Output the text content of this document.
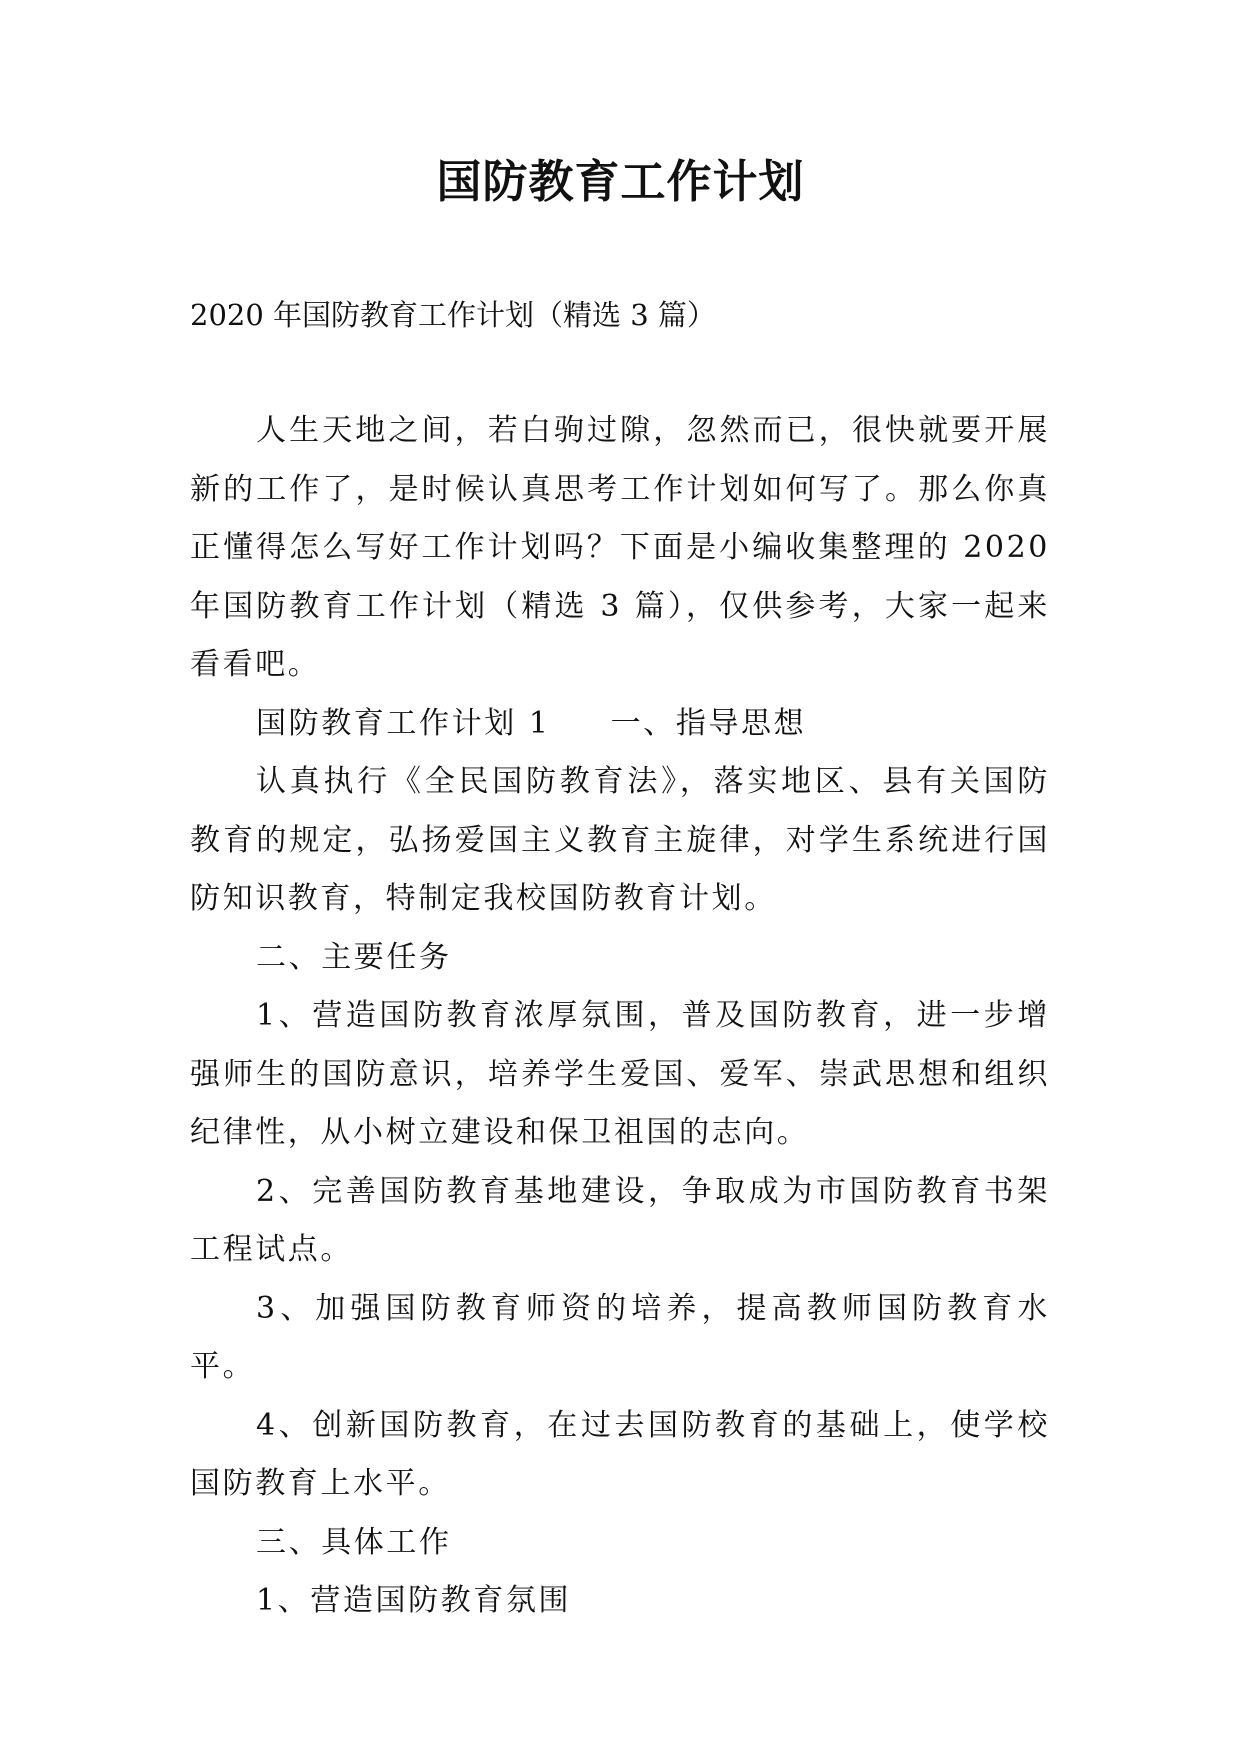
国防教育工作计划
2020 年国防教育工作计划（精选 3 篇）

人生天地之间，若白驹过隙，忽然而已，很快就要开展新的工作了，是时候认真思考工作计划如何写了。那么你真正懂得怎么写好工作计划吗？下面是小编收集整理的 2020 年国防教育工作计划（精选 3 篇），仅供参考，大家一起来看看吧。

国防教育工作计划 1 一、指导思想

认真执行《全民国防教育法》，落实地区、县有关国防教育的规定，弘扬爱国主义教育主旋律，对学生系统进行国防知识教育，特制定我校国防教育计划。

二、主要任务

1、营造国防教育浓厚氛围，普及国防教育，进一步增强师生的国防意识，培养学生爱国、爱军、崇武思想和组织纪律性，从小树立建设和保卫祖国的志向。

2、完善国防教育基地建设，争取成为市国防教育书架工程试点。

3、加强国防教育师资的培养，提高教师国防教育水平。

4、创新国防教育，在过去国防教育的基础上，使学校国防教育上水平。

三、具体工作

1、营造国防教育氛围
